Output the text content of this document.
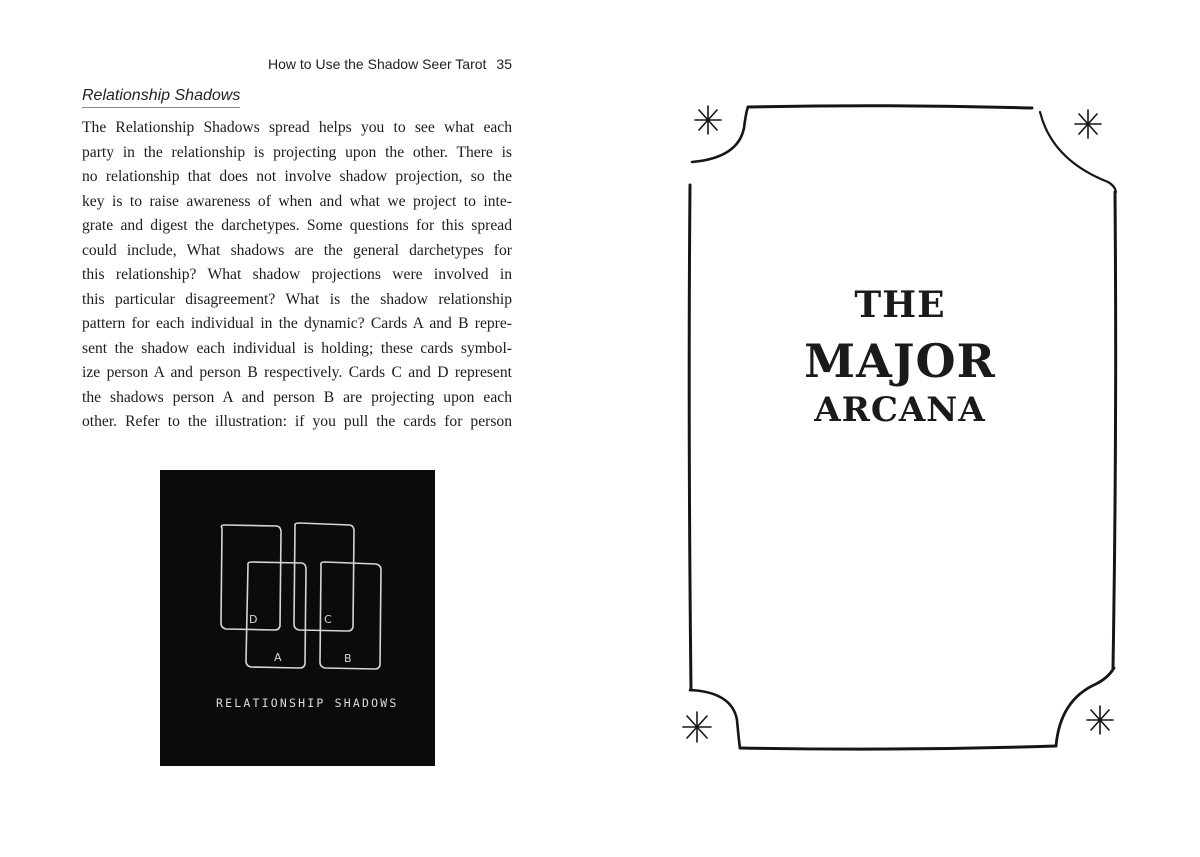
How to Use the Shadow Seer Tarot 35
Relationship Shadows
The Relationship Shadows spread helps you to see what each
party in the relationship is projecting upon the other. There is
no relationship that does not involve shadow projection, so the
key is to raise awareness of when and what we project to inte-
grate and digest the darchetypes. Some questions for this spread
could include, What shadows are the general darchetypes for
this relationship? What shadow projections were involved in
this particular disagreement? What is the shadow relationship
pattern for each individual in the dynamic? Cards A and B repre-
sent the shadow each individual is holding; these cards symbol-
ize person A and person B respectively. Cards C and D represent
the shadows person A and person B are projecting upon each
other. Refer to the illustration: if you pull the cards for person
D	C
A	B
RELATIONSHIP SHADOWS
THE
MAJOR
ARCANA
